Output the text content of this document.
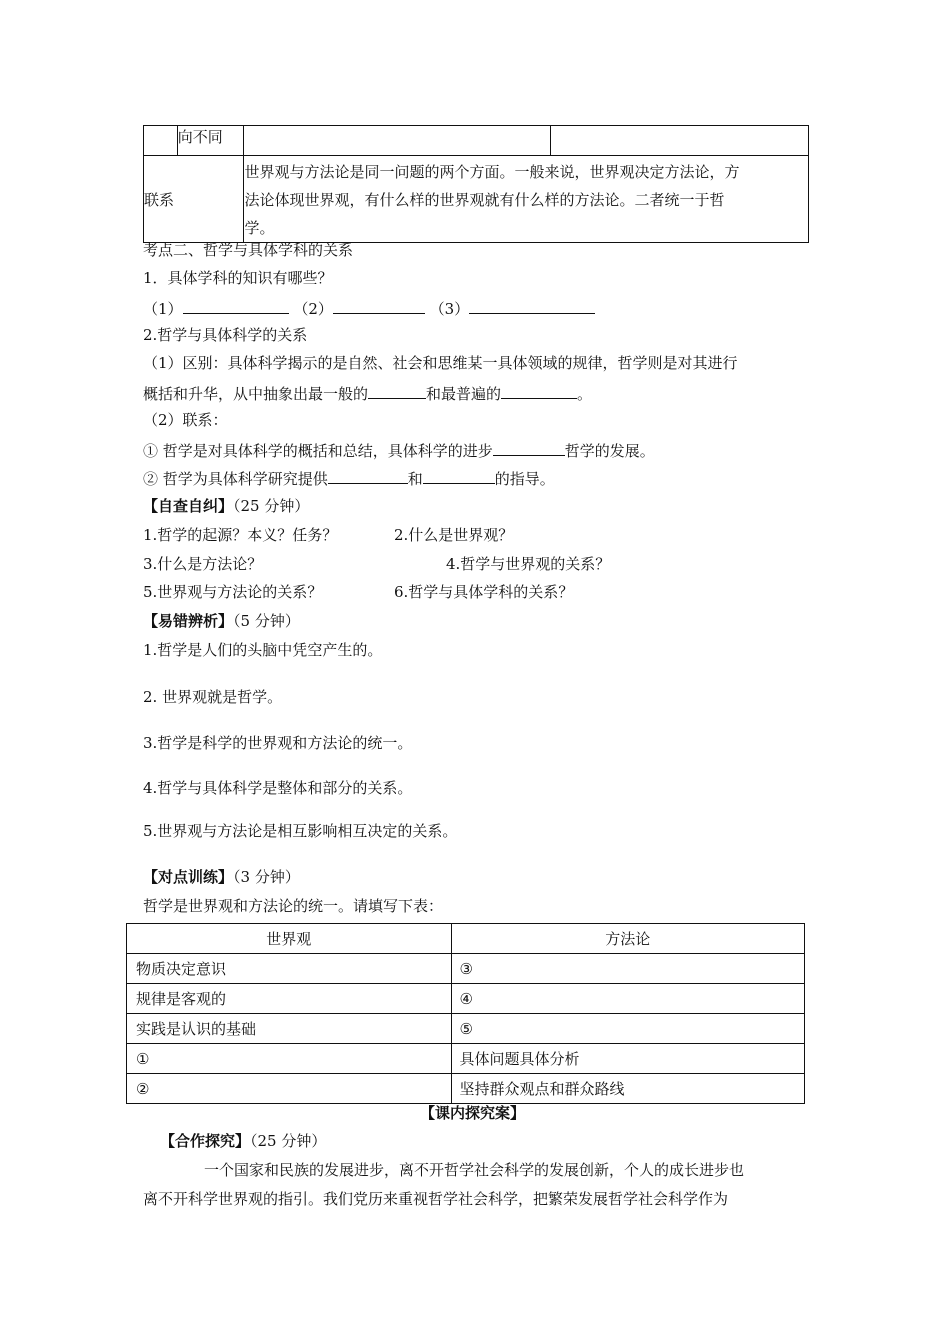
	向不同		
联系		世界观与方法论是同一问题的两个方面。一般来说，世界观决定方法论，方
法论体现世界观，有什么样的世界观就有什么样的方法论。二者统一于哲
学。	
考点二、哲学与具体学科的关系
1．具体学科的知识有哪些？
（1）	（2）	（3）
2.哲学与具体科学的关系
（1）区别：具体科学揭示的是自然、社会和思维某一具体领域的规律，哲学则是对其进行
概括和升华，从中抽象出最一般的	和最普遍的	。
（2）联系：
① 哲学是对具体科学的概括和总结，具体科学的进步	哲学的发展。
② 哲学为具体科学研究提供	和	的指导。
【自查自纠】（25 分钟）
1.哲学的起源？本义？任务？	2.什么是世界观？
3.什么是方法论？	4.哲学与世界观的关系？
5.世界观与方法论的关系？	6.哲学与具体学科的关系？
【易错辨析】（5 分钟）
1.哲学是人们的头脑中凭空产生的。
2. 世界观就是哲学。
3.哲学是科学的世界观和方法论的统一。
4.哲学与具体科学是整体和部分的关系。
5.世界观与方法论是相互影响相互决定的关系。
【对点训练】（3 分钟）
哲学是世界观和方法论的统一。请填写下表：
世界观	方法论
物质决定意识	③
规律是客观的	④
实践是认识的基础	⑤
①	具体问题具体分析
②	坚持群众观点和群众路线
【课内探究案】
【合作探究】（25 分钟）
一个国家和民族的发展进步，离不开哲学社会科学的发展创新，个人的成长进步也
离不开科学世界观的指引。我们党历来重视哲学社会科学，把繁荣发展哲学社会科学作为
